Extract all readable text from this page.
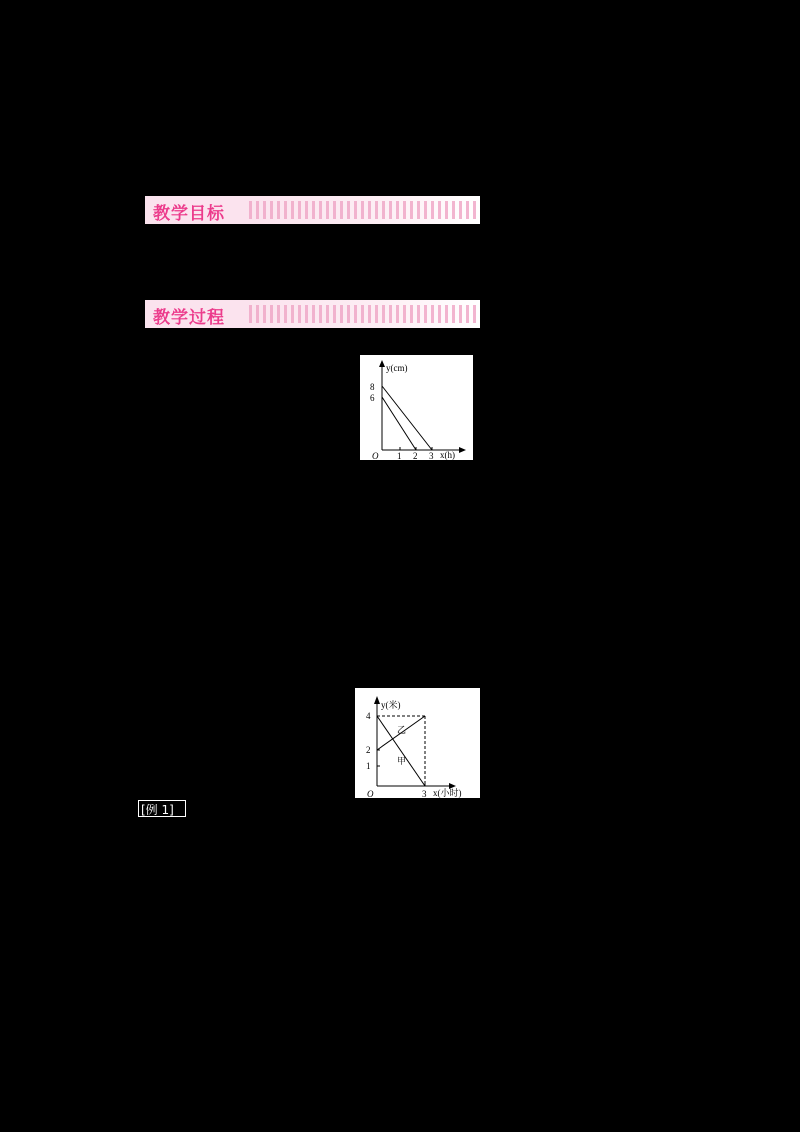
教学目标
教学过程
8
6
O 1 2 3 x(h)
y(cm)
4
2
1
O	3 x(小时)
y(米)
乙
甲
[例 1]
